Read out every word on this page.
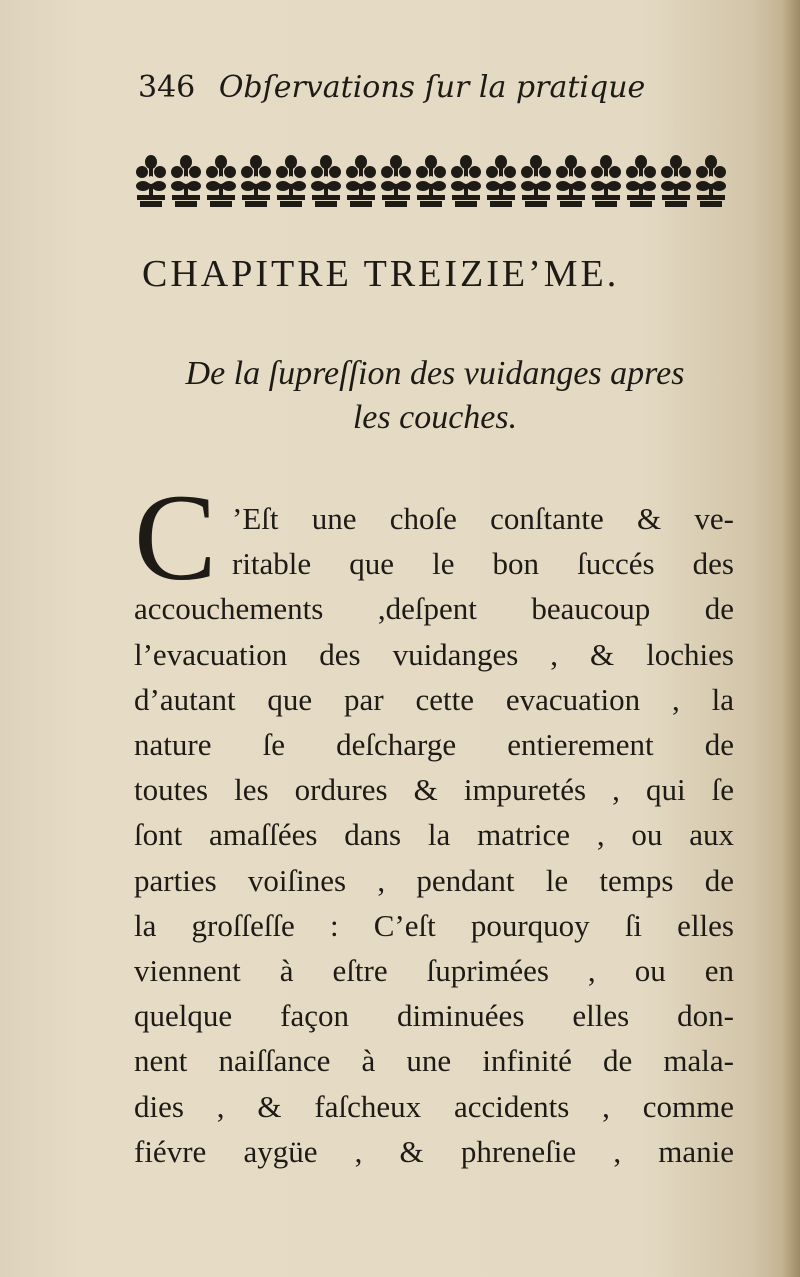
346 Obſervations ſur la pratique
CHAPITRE TREIZIE’ME.
De la ſupreſſion des vuidanges apres
les couches.
C ’Eſt une choſe conſtante & ve-
ritable que le bon ſuccés des
accouchements ,deſpent beaucoup de
l’evacuation des vuidanges , & lochies
d’autant que par cette evacuation , la
nature ſe deſcharge entierement de
toutes les ordures & impuretés , qui ſe
ſont amaſſées dans la matrice , ou aux
parties voiſines , pendant le temps de
la groſſeſſe : C’eſt pourquoy ſi elles
viennent à eſtre ſuprimées , ou en
quelque façon diminuées elles don-
nent naiſſance à une infinité de mala-
dies , & faſcheux accidents , comme
fiévre aygüe , & phreneſie , manie
